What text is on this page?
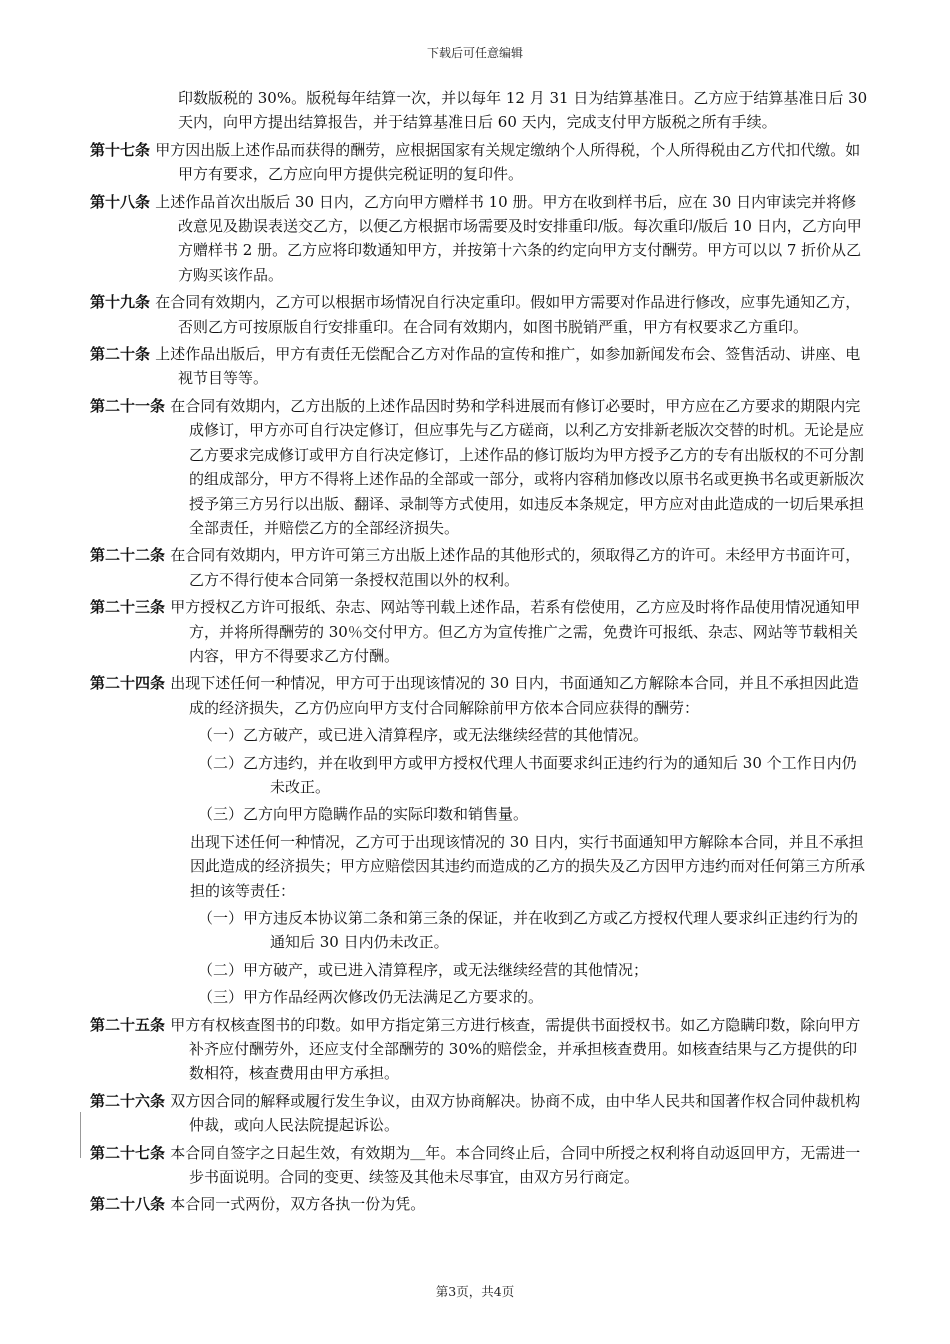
下载后可任意编辑
印数版税的 30%。版税每年结算一次，并以每年 12 月 31 日为结算基准日。乙方应于结算基准日后 30 天内，向甲方提出结算报告，并于结算基准日后 60 天内，完成支付甲方版税之所有手续。
第十七条 甲方因出版上述作品而获得的酬劳，应根据国家有关规定缴纳个人所得税，个人所得税由乙方代扣代缴。如甲方有要求，乙方应向甲方提供完税证明的复印件。
第十八条 上述作品首次出版后 30 日内，乙方向甲方赠样书 10 册。甲方在收到样书后，应在 30 日内审读完并将修改意见及勘误表送交乙方，以便乙方根据市场需要及时安排重印/版。每次重印/版后 10 日内，乙方向甲方赠样书 2 册。乙方应将印数通知甲方，并按第十六条的约定向甲方支付酬劳。甲方可以以 7 折价从乙方购买该作品。
第十九条 在合同有效期内，乙方可以根据市场情况自行决定重印。假如甲方需要对作品进行修改，应事先通知乙方，否则乙方可按原版自行安排重印。在合同有效期内，如图书脱销严重，甲方有权要求乙方重印。
第二十条 上述作品出版后，甲方有责任无偿配合乙方对作品的宣传和推广，如参加新闻发布会、签售活动、讲座、电视节目等等。
第二十一条 在合同有效期内，乙方出版的上述作品因时势和学科进展而有修订必要时，甲方应在乙方要求的期限内完成修订，甲方亦可自行决定修订，但应事先与乙方磋商，以利乙方安排新老版次交替的时机。无论是应乙方要求完成修订或甲方自行决定修订，上述作品的修订版均为甲方授予乙方的专有出版权的不可分割的组成部分，甲方不得将上述作品的全部或一部分，或将内容稍加修改以原书名或更换书名或更新版次授予第三方另行以出版、翻译、录制等方式使用，如违反本条规定，甲方应对由此造成的一切后果承担全部责任，并赔偿乙方的全部经济损失。
第二十二条 在合同有效期内，甲方许可第三方出版上述作品的其他形式的，须取得乙方的许可。未经甲方书面许可，乙方不得行使本合同第一条授权范围以外的权利。
第二十三条 甲方授权乙方许可报纸、杂志、网站等刊载上述作品，若系有偿使用，乙方应及时将作品使用情况通知甲方，并将所得酬劳的 30％交付甲方。但乙方为宣传推广之需，免费许可报纸、杂志、网站等节载相关内容，甲方不得要求乙方付酬。
第二十四条 出现下述任何一种情况，甲方可于出现该情况的 30 日内，书面通知乙方解除本合同，并且不承担因此造成的经济损失，乙方仍应向甲方支付合同解除前甲方依本合同应获得的酬劳：
（一）乙方破产，或已进入清算程序，或无法继续经营的其他情况。
（二）乙方违约，并在收到甲方或甲方授权代理人书面要求纠正违约行为的通知后 30 个工作日内仍未改正。
（三）乙方向甲方隐瞒作品的实际印数和销售量。
出现下述任何一种情况，乙方可于出现该情况的 30 日内，实行书面通知甲方解除本合同，并且不承担因此造成的经济损失；甲方应赔偿因其违约而造成的乙方的损失及乙方因甲方违约而对任何第三方所承担的该等责任：
（一）甲方违反本协议第二条和第三条的保证，并在收到乙方或乙方授权代理人要求纠正违约行为的通知后 30 日内仍未改正。
（二）甲方破产，或已进入清算程序，或无法继续经营的其他情况；
（三）甲方作品经两次修改仍无法满足乙方要求的。
第二十五条 甲方有权核查图书的印数。如甲方指定第三方进行核查，需提供书面授权书。如乙方隐瞒印数，除向甲方补齐应付酬劳外，还应支付全部酬劳的 30%的赔偿金，并承担核查费用。如核查结果与乙方提供的印数相符，核查费用由甲方承担。
第二十六条 双方因合同的解释或履行发生争议，由双方协商解决。协商不成，由中华人民共和国著作权合同仲裁机构仲裁，或向人民法院提起诉讼。
第二十七条 本合同自签字之日起生效，有效期为＿年。本合同终止后，合同中所授之权利将自动返回甲方，无需进一步书面说明。合同的变更、续签及其他未尽事宜，由双方另行商定。
第二十八条 本合同一式两份，双方各执一份为凭。
第3页，共4页
